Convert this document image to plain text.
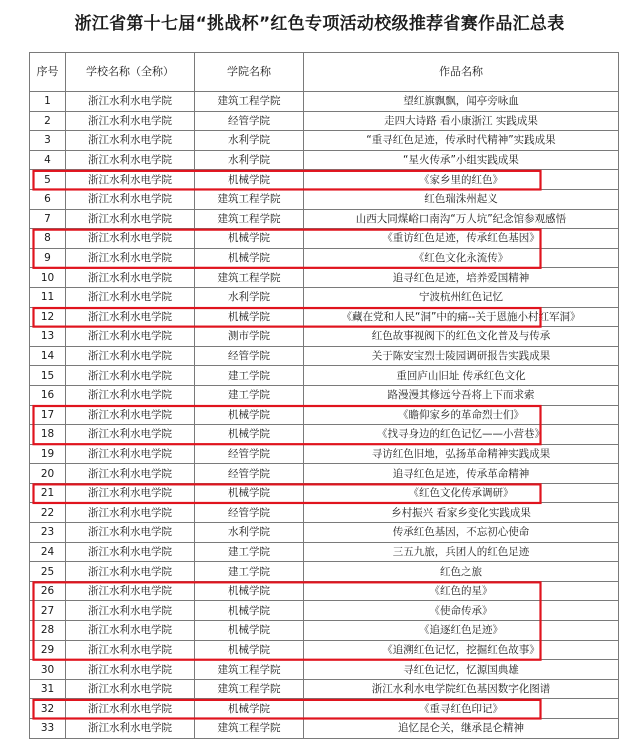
浙江省第十七届“挑战杯”红色专项活动校级推荐省赛作品汇总表
序号	学校名称（全称）	学院名称	作品名称
1	浙江水利水电学院	建筑工程学院	望红旗飘飘，闻亭旁咏血
2	浙江水利水电学院	经管学院	走四大诗路 看小康浙江 实践成果
3	浙江水利水电学院	水利学院	“重寻红色足迹，传承时代精神”实践成果
4	浙江水利水电学院	水利学院	“星火传承”小组实践成果
5	浙江水利水电学院	机械学院	《家乡里的红色》
6	浙江水利水电学院	建筑工程学院	红色瑞洙州起义
7	浙江水利水电学院	建筑工程学院	山西大同煤峪口南沟“万人坑”纪念馆参观感悟
8	浙江水利水电学院	机械学院	《重访红色足迹，传承红色基因》
9	浙江水利水电学院	机械学院	《红色文化永流传》
10	浙江水利水电学院	建筑工程学院	追寻红色足迹，培养爱国精神
11	浙江水利水电学院	水利学院	宁波杭州红色记忆
12	浙江水利水电学院	机械学院	《藏在党和人民“洞”中的痛--关于恩施小村红军洞》
13	浙江水利水电学院	测市学院	红色故事视阀下的红色文化普及与传承
14	浙江水利水电学院	经管学院	关于陈安宝烈士陵园调研报告实践成果
15	浙江水利水电学院	建工学院	重回庐山旧址 传承红色文化
16	浙江水利水电学院	建工学院	路漫漫其修远兮吾将上下而求索
17	浙江水利水电学院	机械学院	《瞻仰家乡的革命烈士们》
18	浙江水利水电学院	机械学院	《找寻身边的红色记忆——小营巷》
19	浙江水利水电学院	经管学院	寻访红色旧地，弘扬革命精神实践成果
20	浙江水利水电学院	经管学院	追寻红色足迹，传承革命精神
21	浙江水利水电学院	机械学院	《红色文化传承调研》
22	浙江水利水电学院	经管学院	乡村振兴 看家乡变化实践成果
23	浙江水利水电学院	水利学院	传承红色基因，不忘初心使命
24	浙江水利水电学院	建工学院	三五九旅，兵团人的红色足迹
25	浙江水利水电学院	建工学院	红色之旅
26	浙江水利水电学院	机械学院	《红色的星》
27	浙江水利水电学院	机械学院	《使命传承》
28	浙江水利水电学院	机械学院	《追逐红色足迹》
29	浙江水利水电学院	机械学院	《追溯红色记忆，挖掘红色故事》
30	浙江水利水电学院	建筑工程学院	寻红色记忆，忆源国典雄
31	浙江水利水电学院	建筑工程学院	浙江水利水电学院红色基因数字化图谱
32	浙江水利水电学院	机械学院	《重寻红色印记》
33	浙江水利水电学院	建筑工程学院	追忆昆仑关，继承昆仑精神
